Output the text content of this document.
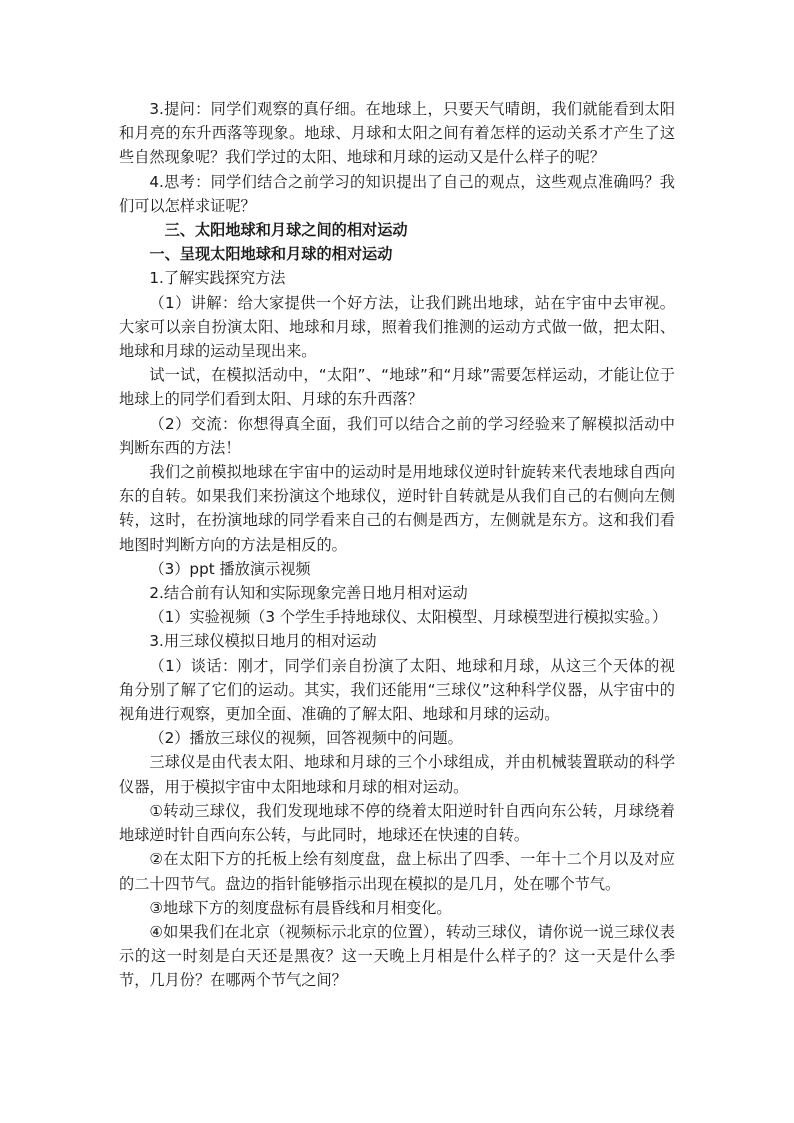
3.提问：同学们观察的真仔细。在地球上，只要天气晴朗，我们就能看到太阳和月亮的东升西落等现象。地球、月球和太阳之间有着怎样的运动关系才产生了这些自然现象呢？我们学过的太阳、地球和月球的运动又是什么样子的呢？

4.思考：同学们结合之前学习的知识提出了自己的观点，这些观点准确吗？我们可以怎样求证呢？

三、太阳地球和月球之间的相对运动

一、呈现太阳地球和月球的相对运动

1.了解实践探究方法

（1）讲解：给大家提供一个好方法，让我们跳出地球，站在宇宙中去审视。大家可以亲自扮演太阳、地球和月球，照着我们推测的运动方式做一做，把太阳、地球和月球的运动呈现出来。

试一试，在模拟活动中，“太阳”、“地球”和“月球”需要怎样运动，才能让位于地球上的同学们看到太阳、月球的东升西落？

（2）交流：你想得真全面，我们可以结合之前的学习经验来了解模拟活动中判断东西的方法！

我们之前模拟地球在宇宙中的运动时是用地球仪逆时针旋转来代表地球自西向东的自转。如果我们来扮演这个地球仪，逆时针自转就是从我们自己的右侧向左侧转，这时，在扮演地球的同学看来自己的右侧是西方，左侧就是东方。这和我们看地图时判断方向的方法是相反的。

（3）ppt 播放演示视频

2.结合前有认知和实际现象完善日地月相对运动

（1）实验视频（3 个学生手持地球仪、太阳模型、月球模型进行模拟实验。）

3.用三球仪模拟日地月的相对运动

（1）谈话：刚才，同学们亲自扮演了太阳、地球和月球，从这三个天体的视角分别了解了它们的运动。其实，我们还能用“三球仪”这种科学仪器，从宇宙中的视角进行观察，更加全面、准确的了解太阳、地球和月球的运动。

（2）播放三球仪的视频，回答视频中的问题。

三球仪是由代表太阳、地球和月球的三个小球组成，并由机械装置联动的科学仪器，用于模拟宇宙中太阳地球和月球的相对运动。

①转动三球仪，我们发现地球不停的绕着太阳逆时针自西向东公转，月球绕着地球逆时针自西向东公转，与此同时，地球还在快速的自转。

②在太阳下方的托板上绘有刻度盘，盘上标出了四季、一年十二个月以及对应的二十四节气。盘边的指针能够指示出现在模拟的是几月，处在哪个节气。

③地球下方的刻度盘标有晨昏线和月相变化。

④如果我们在北京（视频标示北京的位置），转动三球仪，请你说一说三球仪表示的这一时刻是白天还是黑夜？这一天晚上月相是什么样子的？这一天是什么季节，几月份？在哪两个节气之间？
